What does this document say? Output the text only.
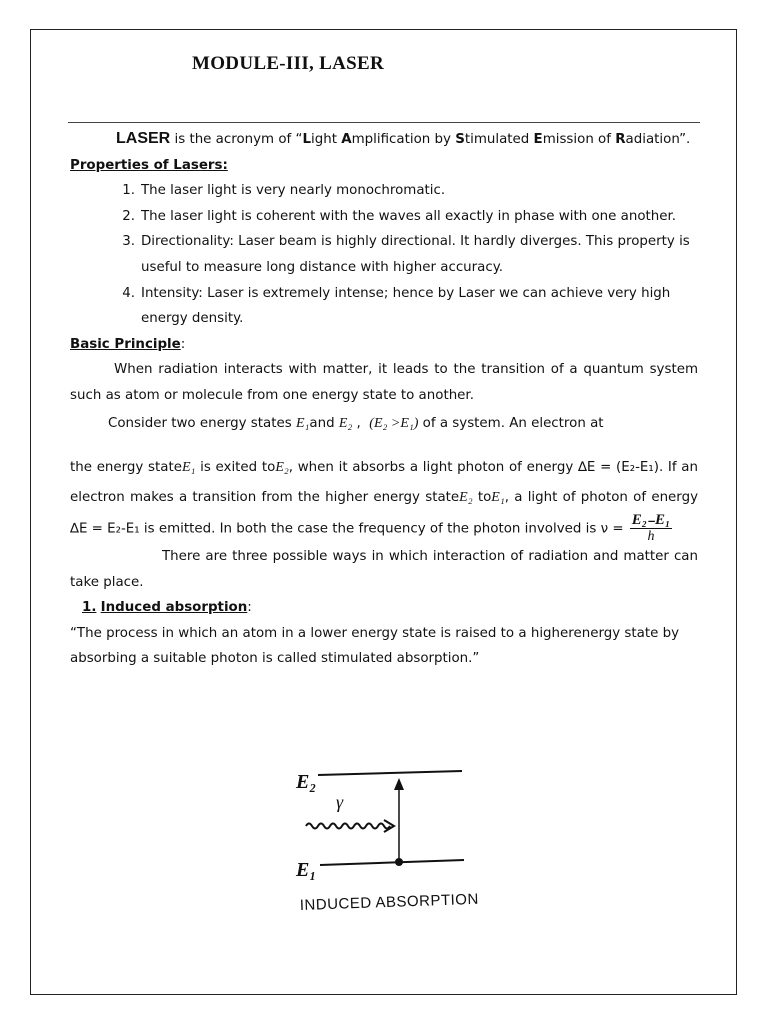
MODULE-III, LASER

LASER is the acronym of “Light Amplification by Stimulated Emission of Radiation”.

Properties of Lasers:

1. The laser light is very nearly monochromatic.
2. The laser light is coherent with the waves all exactly in phase with one another.
3. Directionality: Laser beam is highly directional. It hardly diverges. This property is useful to measure long distance with higher accuracy.
4. Intensity: Laser is extremely intense; hence by Laser we can achieve very high energy density.

Basic Principle:

When radiation interacts with matter, it leads to the transition of a quantum system such as atom or molecule from one energy state to another.

Consider two energy states E₁and E₂ , (E₂ >E₁) of a system. An electron at

the energy stateE₁ is exited toE₂, when it absorbs a light photon of energy ∆E = (E₂-E₁). If an electron makes a transition from the higher energy stateE₂ toE₁, a light of photon of energy ∆E = E₂-E₁ is emitted. In both the case the frequency of the photon involved is $\nu = \frac{\text{E₂₋E₁}}{h}$

There are three possible ways in which interaction of radiation and matter can take place.

1. Induced absorption:

“The process in which an atom in a lower energy state is raised to a higherenergy state by absorbing a suitable photon is called stimulated absorption.”

E₂
E₁
γ
INDUCED ABSORPTION
